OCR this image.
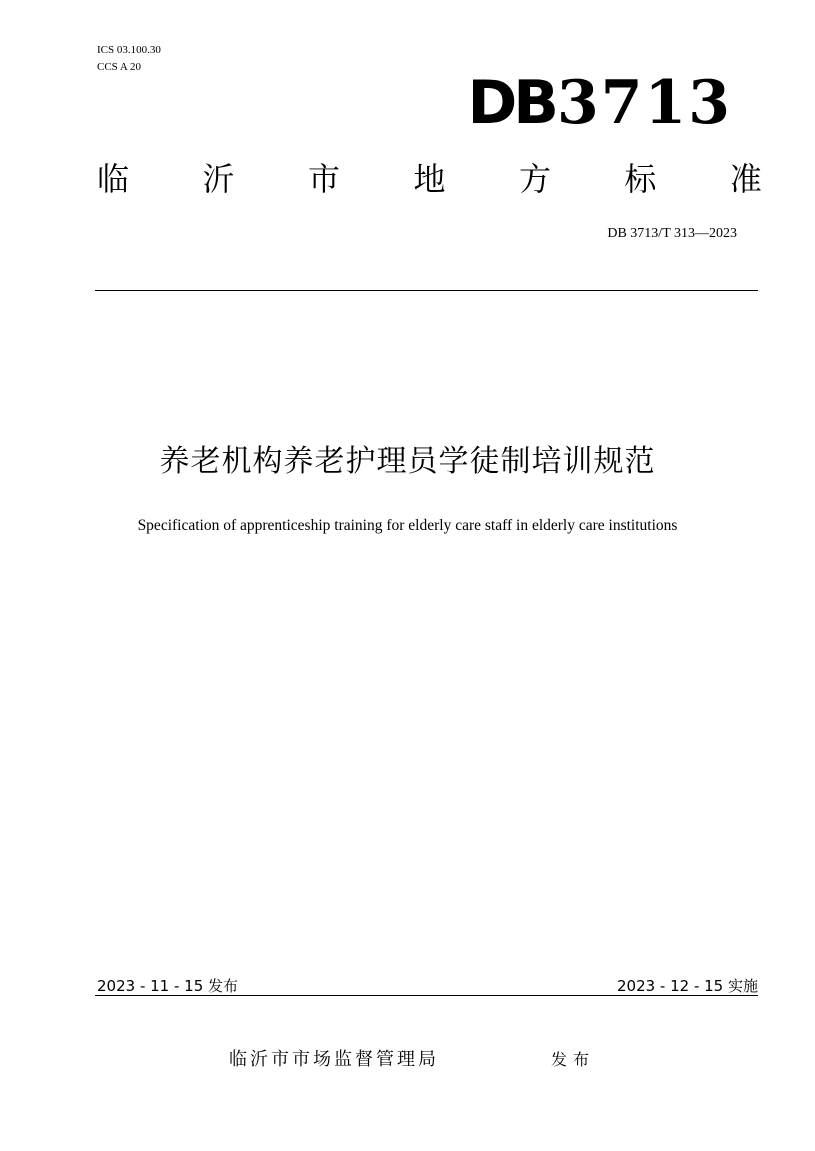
ICS 03.100.30
CCS A 20
DB3713
临 沂 市 地 方 标 准
DB 3713/T 313—2023
养老机构养老护理员学徒制培训规范
Specification of apprenticeship training for elderly care staff in elderly care institutions
2023 - 11 - 15 发布	2023 - 12 - 15 实施
临沂市市场监督管理局	发布
